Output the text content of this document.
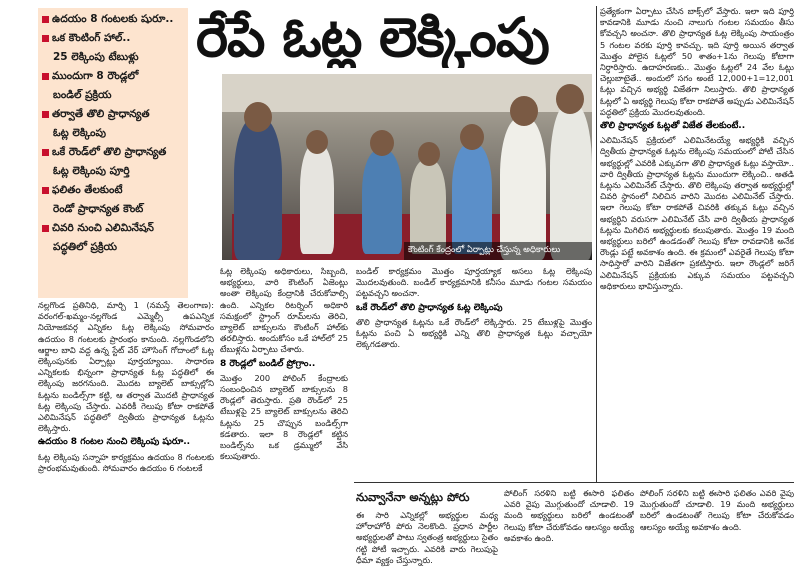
ఉదయం 8 గంటలకు షురూ..
ఒక కౌంటింగ్‌ హాల్‌..
25 లెక్కింపు టేబుళ్లు
ముందుగా 8 రౌండ్లలో
బండిల్‌ ప్రక్రియ
తర్వాతే తొలి ప్రాధాన్యత
ఓట్ల లెక్కింపు
ఒకే రౌండ్‌లో తొలి ప్రాధాన్యత
ఓట్ల లెక్కింపు పూర్తి
ఫలితం తేలకుంటే
రెండో ప్రాధాన్యత కౌంట్‌
చివరి నుంచి ఎలిమినేషన్‌
పద్ధతిలో ప్రక్రియ
రేపే ఓట్ల లెక్కింపు
కౌంటింగ్‌ కేంద్రంలో ఏర్పాట్లు చేస్తున్న అధికారులు

ప్రత్యేకంగా ఏర్పాటు చేసిన బాక్స్‌లో వేస్తారు. ఇలా ఇది పూర్తి కావడానికి మూడు నుంచి నాలుగు గంటల సమయం తీసు కోవచ్చని అంచనా. తొలి ప్రాధాన్యత ఓట్ల లెక్కింపు సాయంత్రం 5 గంటల వరకు పూర్తి కావచ్చు. ఇది పూర్తి అయిన తర్వాత మొత్తం పోలైన ఓట్లలో 50 శాతం+1ను గెలుపు కోటాగా నిర్ధారిస్తారు. ఉదాహరణకు.. మొత్తం ఓట్లలో 24 వేల ఓట్లు చెల్లుబాటైతే.. అందులో సగం అంటే 12,000+1=12,001 ఓట్లు వచ్చిన అభ్యర్థి విజేతగా నిలుస్తారు. తొలి ప్రాధాన్యత ఓట్లలో ఏ అభ్యర్థి గెలుపు కోటా రాకపోతే అప్పుడు ఎలిమినేషన్‌ పద్ధతిలో ప్రక్రియ మొదలవుతుంది.

తొలి ప్రాధాన్యత ఓట్లతో విజేత తేలకుంటే..

ఎలిమినేషన్‌ ప్రక్రియలో ఎలిమినేటయ్యే అభ్యర్థికి వచ్చిన ద్వితీయ ప్రాధాన్యత ఓట్లను లెక్కింపు సమయంలో పోటీ చేసిన అభ్యర్థుల్లో ఎవరికి ఎక్కువగా తొలి ప్రాధాన్యత ఓట్లు వస్తాయో.. వారి ద్వితీయ ప్రాధాన్యత ఓట్లను ముందుగా లెక్కించి.. అతడి ఓట్లను ఎలిమినేట్‌ చేస్తారు. తొలి లెక్కింపు తర్వాత అభ్యర్థుల్లో చివరి స్థానంలో నిలిచిన వారిని మొదట ఎలిమినేట్‌ చేస్తారు. ఇలా గెలుపు కోటా రాకపోతే చివరికి తక్కువ ఓట్లు వచ్చిన అభ్యర్థిని వరుసగా ఎలిమినేట్‌ చేసి వారి ద్వితీయ ప్రాధాన్యత ఓట్లను మిగిలిన అభ్యర్థులకు కలుపుతారు. మొత్తం 19 మంది అభ్యర్థులు బరిలో ఉండడంతో గెలుపు కోటా రావడానికి అనేక రౌండ్లు పట్టే అవకాశం ఉంది. ఈ క్రమంలో ఎవరైతే గెలుపు కోటా సాధిస్తారో వారిని విజేతగా ప్రకటిస్తారు. ఇలా రౌండ్లలో జరిగే ఎలిమినేషన్‌ ప్రక్రియకు ఎక్కువ సమయం పట్టవచ్చని అధికారులు భావిస్తున్నారు.

నల్లగొండ ప్రతినిధి, మార్చి 1 (నమస్తే తెలంగాణ): వరంగల్‌-ఖమ్మం-నల్లగొండ ఎమ్మెల్సీ ఉపఎన్నిక నియోజకవర్గ ఎన్నికల ఓట్ల లెక్కింపు సోమవారం ఉదయం 8 గంటలకు ప్రారంభం కానుంది. నల్లగొండలోని ఆర్జాల బావి వద్ద ఉన్న స్టేట్‌ వేర్‌ హౌసింగ్‌ గోదాంలో ఓట్ల లెక్కింపునకు ఏర్పాట్లు పూర్తయ్యాయి. సాధారణ ఎన్నికలకు భిన్నంగా ప్రాధాన్యత ఓట్ల పద్ధతిలో ఈ లెక్కింపు జరగనుంది. మొదట బ్యాలెట్‌ బాక్సుల్లోని ఓట్లను బండిల్స్‌గా కట్టి, ఆ తర్వాత మొదటి ప్రాధాన్యత ఓట్ల లెక్కింపు చేస్తారు. ఎవరికీ గెలుపు కోటా రాకపోతే ఎలిమినేషన్‌ పద్ధతిలో ద్వితీయ ప్రాధాన్యత ఓట్లను లెక్కిస్తారు.

ఉదయం 8 గంటల నుంచి లెక్కింపు షురూ..

ఓట్ల లెక్కింపు సన్నాహ కార్యక్రమం ఉదయం 8 గంటలకు ప్రారంభమవుతుంది. సోమవారం ఉదయం 6 గంటలకే

ఓట్ల లెక్కింపు అధికారులు, సిబ్బంది, అభ్యర్థులు, వారి కౌంటింగ్‌ ఏజెంట్లు అంతా లెక్కింపు కేంద్రానికి చేరుకోవాల్సి ఉంది. ఎన్నికల రిటర్నింగ్‌ అధికారి సమక్షంలో స్ట్రాంగ్‌ రూమ్‌లను తెరిచి, బ్యాలెట్‌ బాక్సులను కౌంటింగ్‌ హాల్‌కు తరలిస్తారు. అందుకోసం ఒకే హాల్‌లో 25 టేబుళ్లను ఏర్పాటు చేశారు.

8 రౌండ్లలో బండిల్‌ ప్రోగ్రాం..

మొత్తం 200 పోలింగ్‌ కేంద్రాలకు సంబంధించిన బ్యాలెట్‌ బాక్సులను 8 రౌండ్లలో తెరుస్తారు. ప్రతి రౌండ్‌లో 25 టేబుళ్లపై 25 బ్యాలెట్‌ బాక్సులను తెరిచి ఓట్లను 25 చొప్పున బండిల్స్‌గా కడతారు. ఇలా 8 రౌండ్లలో కట్టిన బండిల్స్‌ను ఒక డ్రమ్ములో వేసి కలుపుతారు.

బండిల్‌ కార్యక్రమం మొత్తం పూర్తయ్యాక అసలు ఓట్ల లెక్కింపు మొదలవుతుంది. బండిల్‌ కార్యక్రమానికి కనీసం మూడు గంటల సమయం పట్టవచ్చని అంచనా.

ఒకే రౌండ్‌లో తొలి ప్రాధాన్యత ఓట్ల లెక్కింపు

తొలి ప్రాధాన్యత ఓట్లను ఒకే రౌండ్‌లో లెక్కిస్తారు. 25 టేబుళ్లపై మొత్తం ఓట్లను పంచి ఏ అభ్యర్థికి ఎన్ని తొలి ప్రాధాన్యత ఓట్లు వచ్చాయో లెక్కగడతారు.

నువ్వానేనా అన్నట్లు పోరు

ఈ సారి ఎన్నికల్లో అభ్యర్థుల మధ్య హోరాహోరీ పోరు నెలకొంది. ప్రధాన పార్టీల అభ్యర్థులతో పాటు స్వతంత్ర అభ్యర్థులు సైతం గట్టి పోటీ ఇచ్చారు. ఎవరికి వారు గెలుపుపై ధీమా వ్యక్తం చేస్తున్నారు.

పోలింగ్‌ సరళిని బట్టి ఈసారి ఫలితం ఎవరి వైపు మొగ్గుతుందో చూడాలి. 19 మంది అభ్యర్థులు బరిలో ఉండటంతో గెలుపు కోటా చేరుకోవడం ఆలస్యం అయ్యే అవకాశం ఉంది.

పోలింగ్‌ సరళిని బట్టి ఈసారి ఫలితం ఎవరి వైపు మొగ్గుతుందో చూడాలి. 19 మంది అభ్యర్థులు బరిలో ఉండటంతో గెలుపు కోటా చేరుకోవడం ఆలస్యం అయ్యే అవకాశం ఉంది.
